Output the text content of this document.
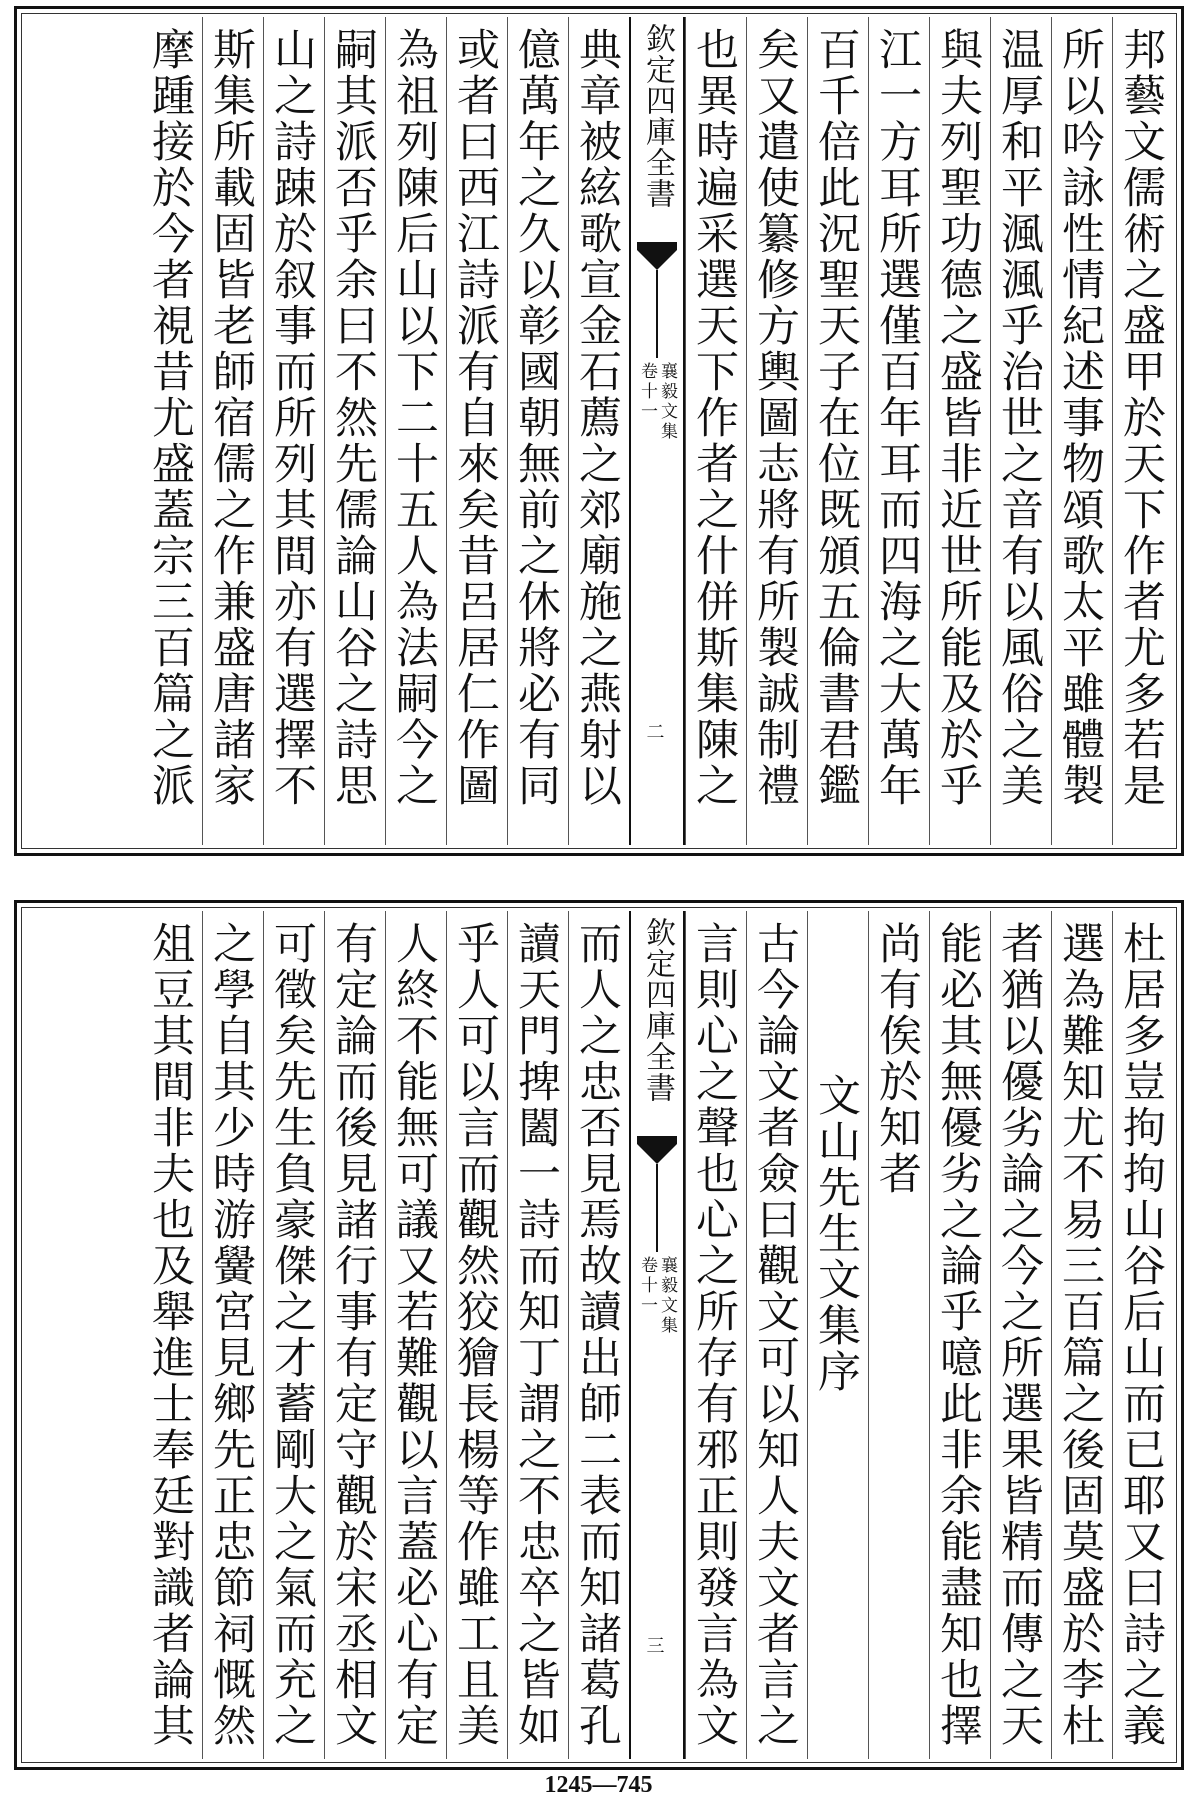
邦藝文儒術之盛甲於天下作者尤多若是
所以吟詠性情紀述事物頌歌太平雖體製
温厚和平渢渢乎治世之音有以風俗之美
與夫列聖功德之盛皆非近世所能及於乎
江一方耳所選僅百年耳而四海之大萬年
百千倍此況聖天子在位既頒五倫書君鑑
矣又遣使纂修方輿圖志將有所製誠制禮
也異時遍采選天下作者之什併斯集陳之
欽定四庫全書
襄毅文集
卷十一
二
典章被絃歌宣金石薦之郊廟施之燕射以
億萬年之久以彰國朝無前之休將必有同
或者曰西江詩派有自來矣昔呂居仁作圖
為祖列陳后山以下二十五人為法嗣今之
嗣其派否乎余曰不然先儒論山谷之詩思
山之詩踈於叙事而所列其間亦有選擇不
斯集所載固皆老師宿儒之作兼盛唐諸家
摩踵接於今者視昔尤盛蓋宗三百篇之派
杜居多豈拘拘山谷后山而已耶又曰詩之義
選為難知尤不易三百篇之後固莫盛於李杜
者猶以優劣論之今之所選果皆精而傳之天
能必其無優劣之論乎噫此非余能盡知也擇
尚有俟於知者
　　文山先生文集序
古今論文者僉曰觀文可以知人夫文者言之
言則心之聲也心之所存有邪正則發言為文
欽定四庫全書
襄毅文集
卷十一
三
而人之忠否見焉故讀出師二表而知諸葛孔
讀天門捭闔一詩而知丁謂之不忠卒之皆如
乎人可以言而觀然狡獪長楊等作雖工且美
人終不能無可議又若難觀以言蓋必心有定
有定論而後見諸行事有定守觀於宋丞相文
可徵矣先生負豪傑之才蓄剛大之氣而充之
之學自其少時游黌宮見鄉先正忠節祠慨然
俎豆其間非夫也及舉進士奉廷對識者論其
1245—745
